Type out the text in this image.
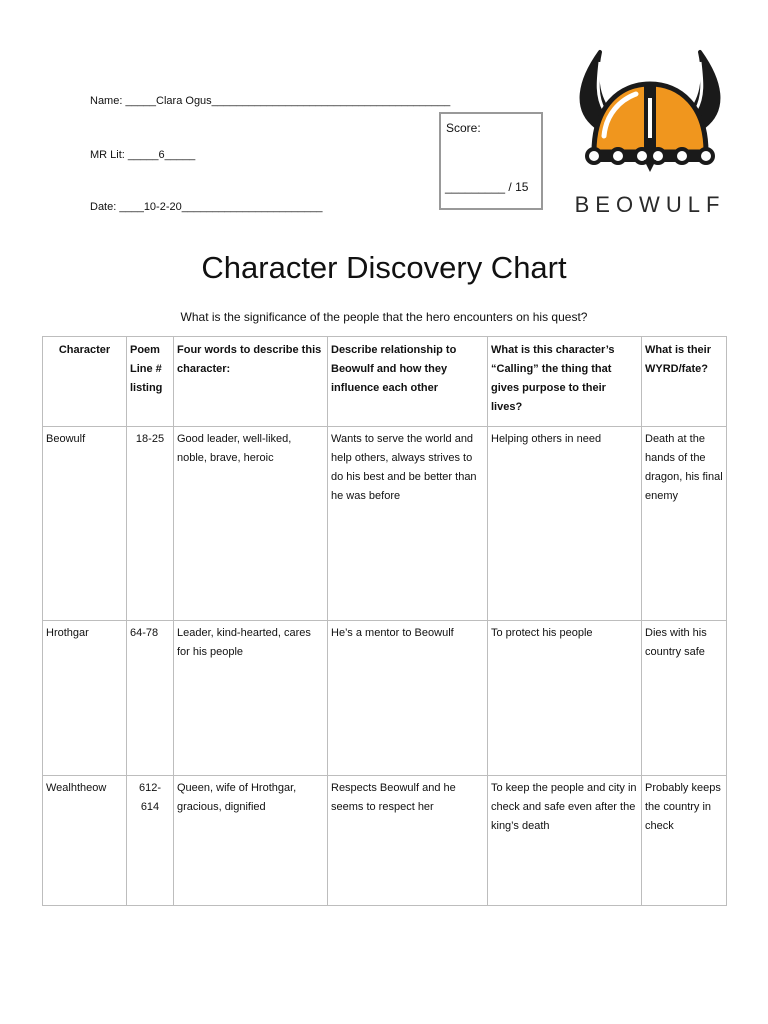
Name: _____Clara Ogus_______________________________________
MR Lit: _____6_____
Date: ____10-2-20_______________________
Score:
_________ / 15
BEOWULF
Character Discovery Chart
What is the significance of the people that the hero encounters on his quest?
Character	Poem Line # listing	Four words to describe this character:	Describe relationship to Beowulf and how they influence each other	What is this character’s “Calling” the thing that gives purpose to their lives?	What is their WYRD/fate?
Beowulf	18-25	Good leader, well-liked, noble, brave, heroic	Wants to serve the world and help others, always strives to do his best and be better than he was before	Helping others in need	Death at the hands of the dragon, his final enemy
Hrothgar	64-78	Leader, kind-hearted, cares for his people	He’s a mentor to Beowulf	To protect his people	Dies with his country safe
Wealhtheow	612-614	Queen, wife of Hrothgar, gracious, dignified	Respects Beowulf and he seems to respect her	To keep the people and city in check and safe even after the king’s death	Probably keeps the country in check
